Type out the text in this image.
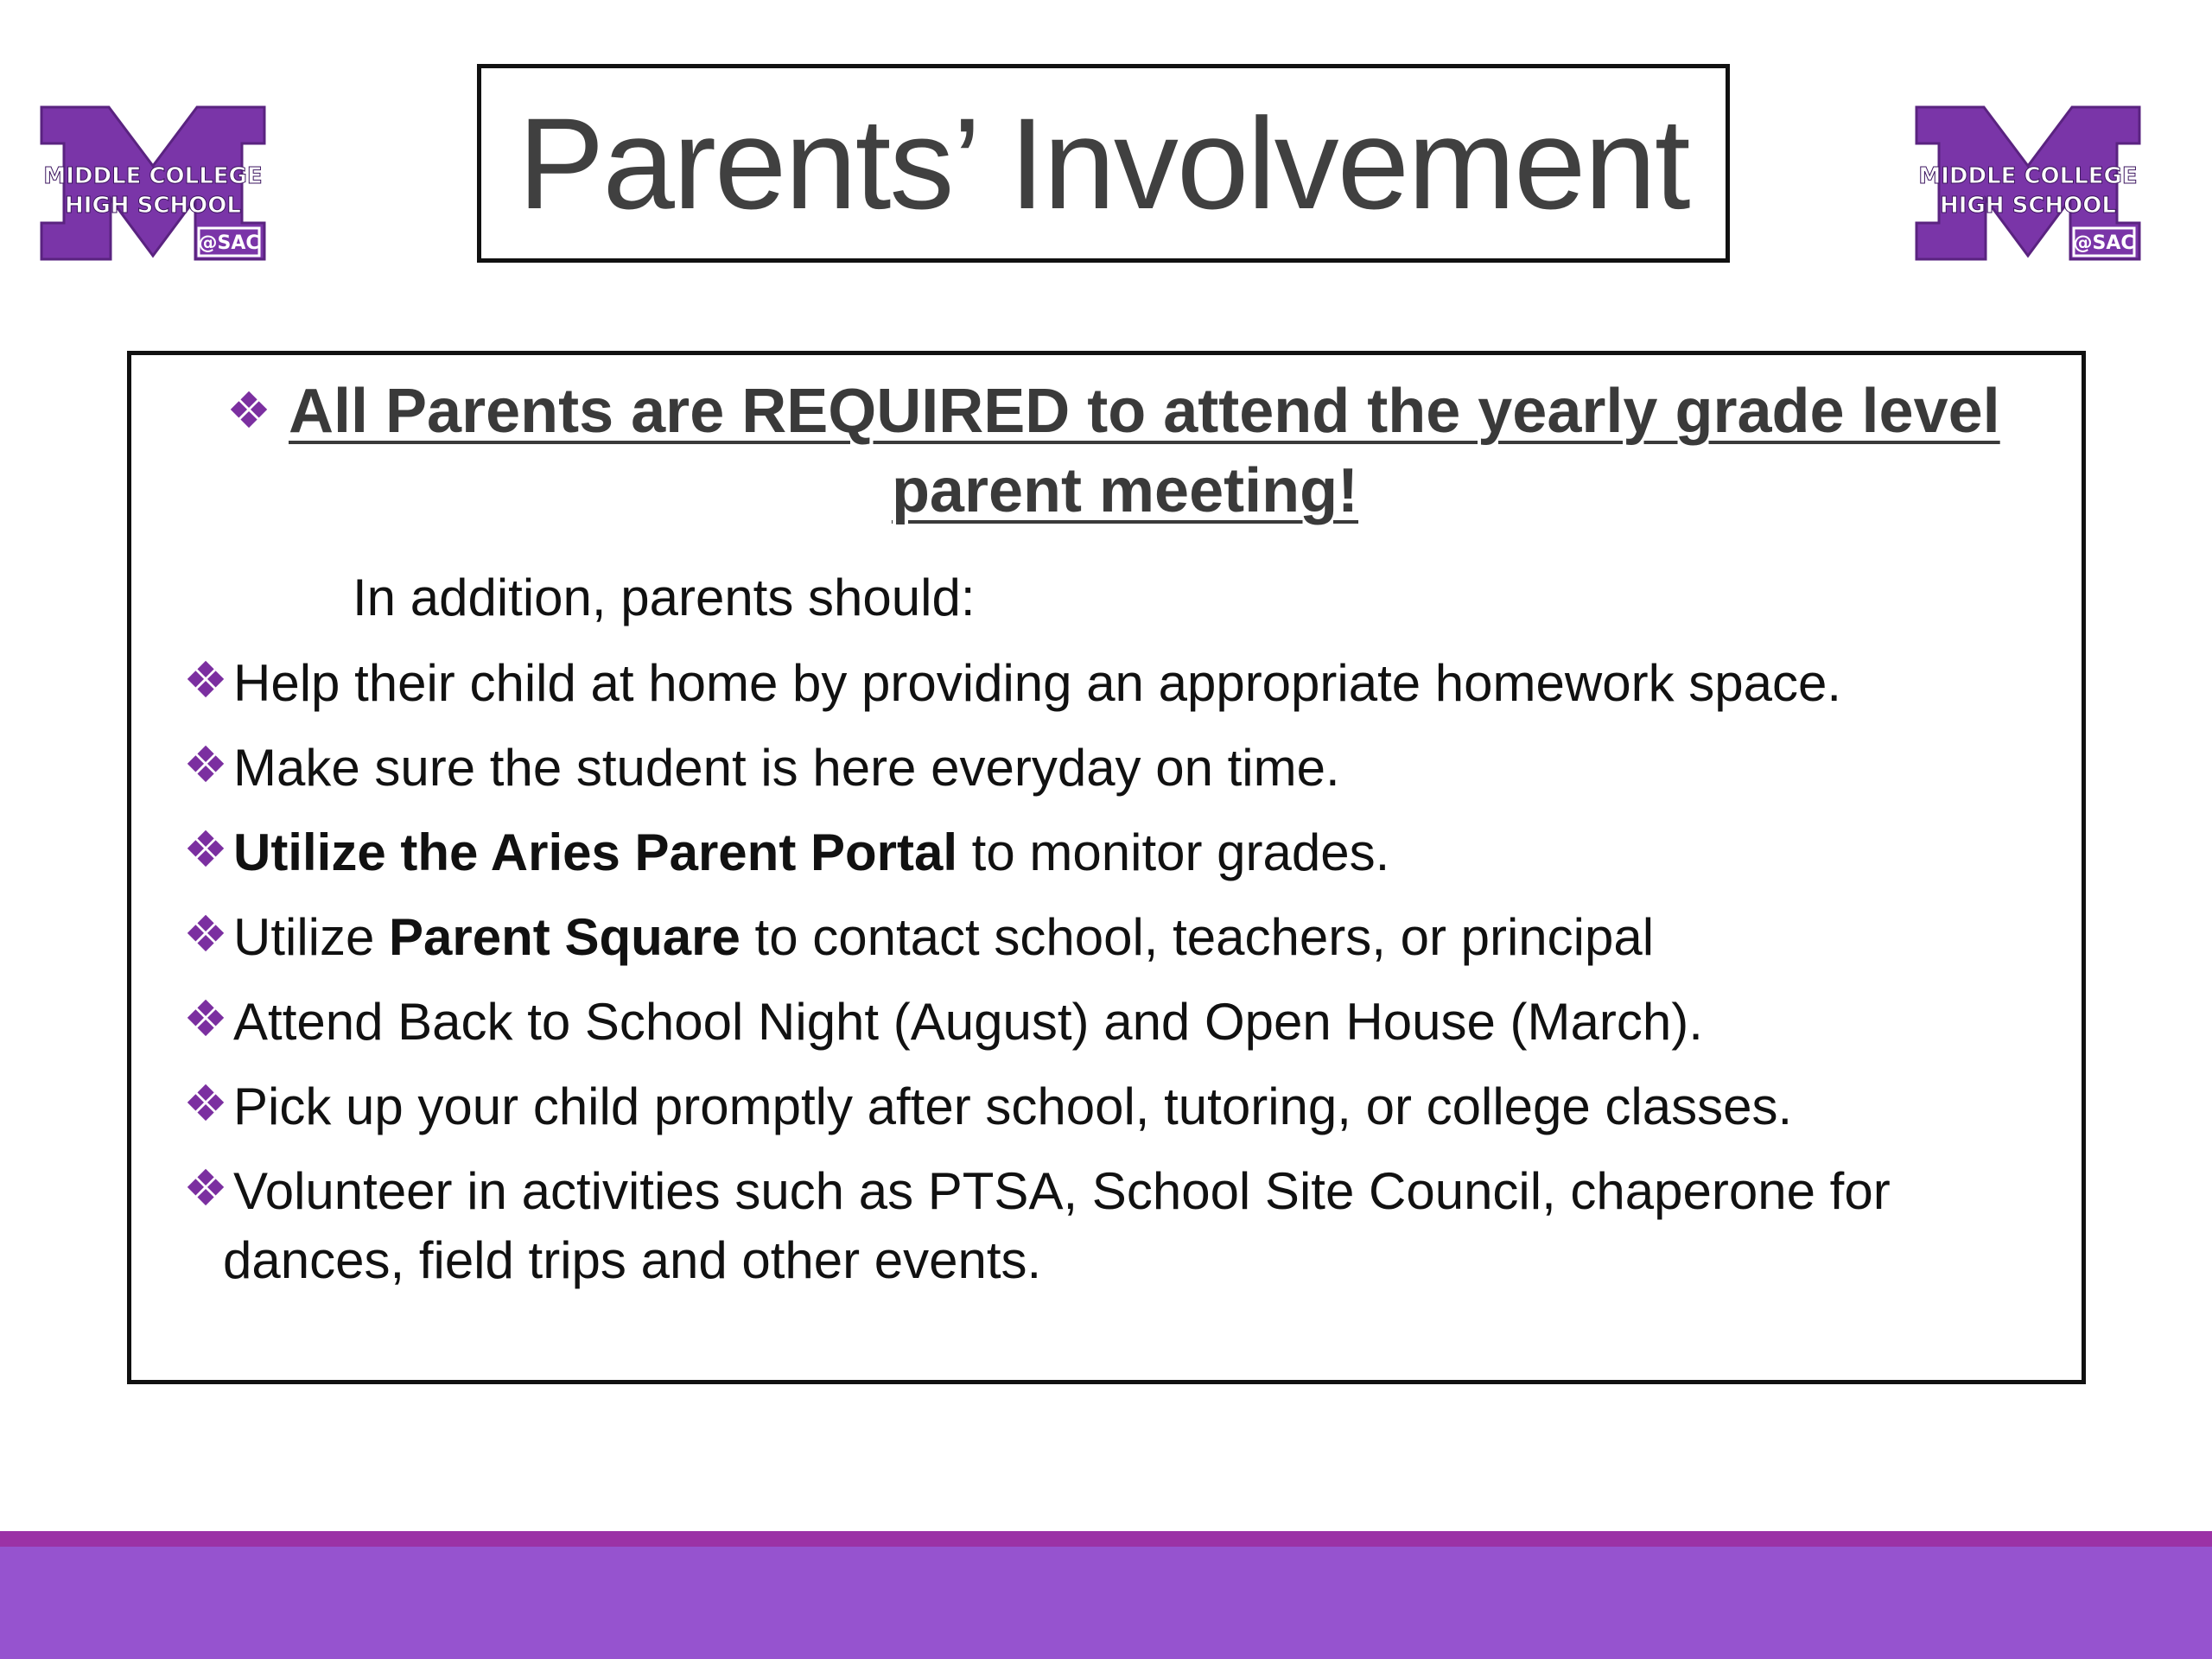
MIDDLE COLLEGE
HIGH SCHOOL
@SAC
MIDDLE COLLEGE
HIGH SCHOOL
@SAC
Parents’ Involvement
❖ All Parents are REQUIRED to attend the yearly grade level
parent meeting!
In addition, parents should:
❖ Help their child at home by providing an appropriate homework space.
❖ Make sure the student is here everyday on time.
❖ Utilize the Aries Parent Portal to monitor grades.
❖ Utilize Parent Square to contact school, teachers, or principal
❖ Attend Back to School Night (August) and Open House (March).
❖ Pick up your child promptly after school, tutoring, or college classes.
❖ Volunteer in activities such as PTSA, School Site Council, chaperone for
dances, field trips and other events.
